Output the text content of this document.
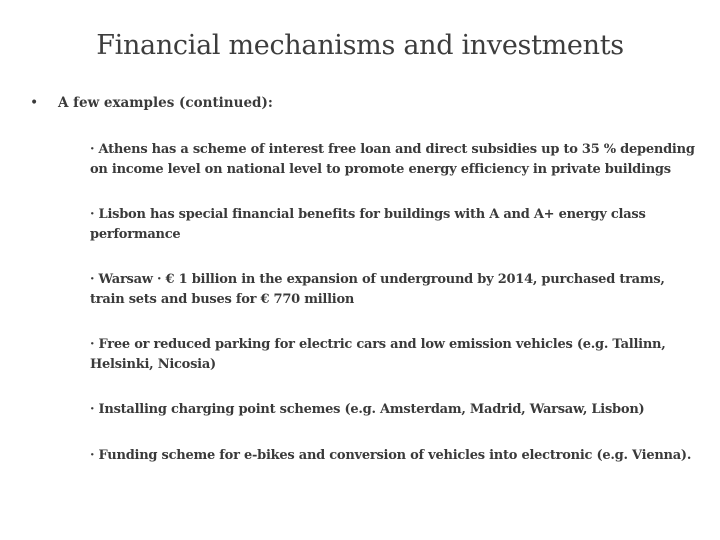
Financial mechanisms and investments
•	A few examples (continued):
· Athens has a scheme of interest free loan and direct subsidies up to 35 % depending on income level on national level to promote energy efficiency in private buildings
· Lisbon has special financial benefits for buildings with A and A+ energy class performance
· Warsaw · € 1 billion in the expansion of underground by 2014, purchased trams, train sets and buses for € 770 million
· Free or reduced parking for electric cars and low emission vehicles (e.g. Tallinn, Helsinki, Nicosia)
· Installing charging point schemes (e.g. Amsterdam, Madrid, Warsaw, Lisbon)
· Funding scheme for e-bikes and conversion of vehicles into electronic (e.g. Vienna).
